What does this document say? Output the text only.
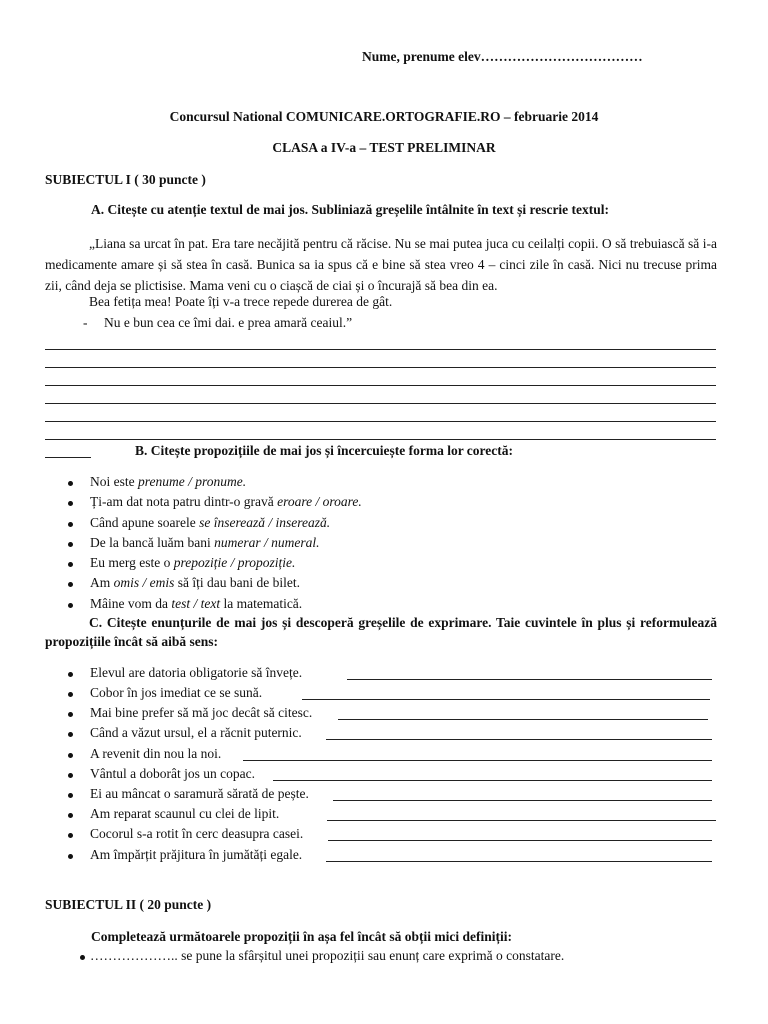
Nume, prenume elev………………………………
Concursul National COMUNICARE.ORTOGRAFIE.RO – februarie 2014
CLASA a IV-a – TEST PRELIMINAR
SUBIECTUL I ( 30 puncte )
A. Citește cu atenție textul de mai jos. Subliniază greșelile întâlnite în text și rescrie textul:
„Liana sa urcat în pat. Era tare necăjită pentru că răcise. Nu se mai putea juca cu ceilalți copii. O să trebuiască să i-a medicamente amare și să stea în casă. Bunica sa ia spus că e bine să stea vreo 4 – cinci zile în casă. Nici nu trecuse prima zii, când deja se plictisise. Mama veni cu o ciașcă de ciai și o încurajă să bea din ea.
Bea fetița mea! Poate îți v-a trece repede durerea de gât.
- Nu e bun cea ce îmi dai. e prea amară ceaiul.”
B. Citește propozițiile de mai jos și încercuiește forma lor corectă:
Noi este prenume / pronume.
Ți-am dat nota patru dintr-o gravă eroare / oroare.
Când apune soarele se înserează / inserează.
De la bancă luăm bani numerar / numeral.
Eu merg este o prepoziție / propoziție.
Am omis / emis să îți dau bani de bilet.
Mâine vom da test / text la matematică.
C. Citește enunțurile de mai jos și descoperă greșelile de exprimare. Taie cuvintele în plus și reformulează propozițiile încât să aibă sens:
Elevul are datoria obligatorie să învețe.
Cobor în jos imediat ce se sună.
Mai bine prefer să mă joc decât să citesc.
Când a văzut ursul, el a răcnit puternic.
A revenit din nou la noi.
Vântul a doborât jos un copac.
Ei au mâncat o saramură sărată de pește.
Am reparat scaunul cu clei de lipit.
Cocorul s-a rotit în cerc deasupra casei.
Am împărțit prăjitura în jumătăți egale.
SUBIECTUL II ( 20 puncte )
Completează următoarele propoziții în așa fel încât să obții mici definiții:
……………….. se pune la sfârșitul unei propoziții sau enunț care exprimă o constatare.
